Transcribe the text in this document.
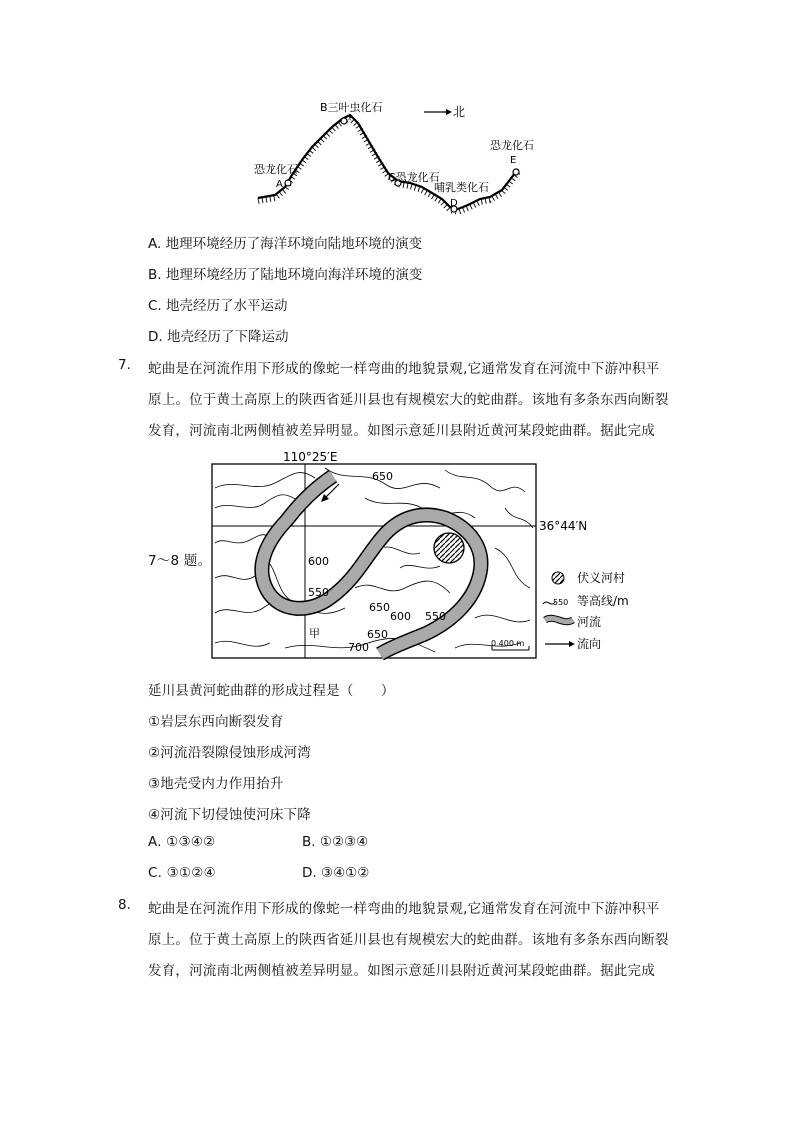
B三叶虫化石
恐龙化石
A
C恐龙化石
哺乳类化石
D
恐龙化石
E
北
A. 地理环境经历了海洋环境向陆地环境的演变
B. 地理环境经历了陆地环境向海洋环境的演变
C. 地壳经历了水平运动
D. 地壳经历了下降运动
7. 蛇曲是在河流作用下形成的像蛇一样弯曲的地貌景观,它通常发育在河流中下游冲积平
原上。位于黄土高原上的陕西省延川县也有规模宏大的蛇曲群。该地有多条东西向断裂
发育，河流南北两侧植被差异明显。如图示意延川县附近黄河某段蛇曲群。据此完成
7～8 题。
110°25′E
36°44′N
650
600
550
650
600 550
650
700
甲
0 400 m
伏义河村
550 等高线/m
河流
流向
延川县黄河蛇曲群的形成过程是（　　）
①岩层东西向断裂发育
②河流沿裂隙侵蚀形成河湾
③地壳受内力作用抬升
④河流下切侵蚀使河床下降
A. ①③④②	B. ①②③④
C. ③①②④	D. ③④①②
8. 蛇曲是在河流作用下形成的像蛇一样弯曲的地貌景观,它通常发育在河流中下游冲积平
原上。位于黄土高原上的陕西省延川县也有规模宏大的蛇曲群。该地有多条东西向断裂
发育，河流南北两侧植被差异明显。如图示意延川县附近黄河某段蛇曲群。据此完成
